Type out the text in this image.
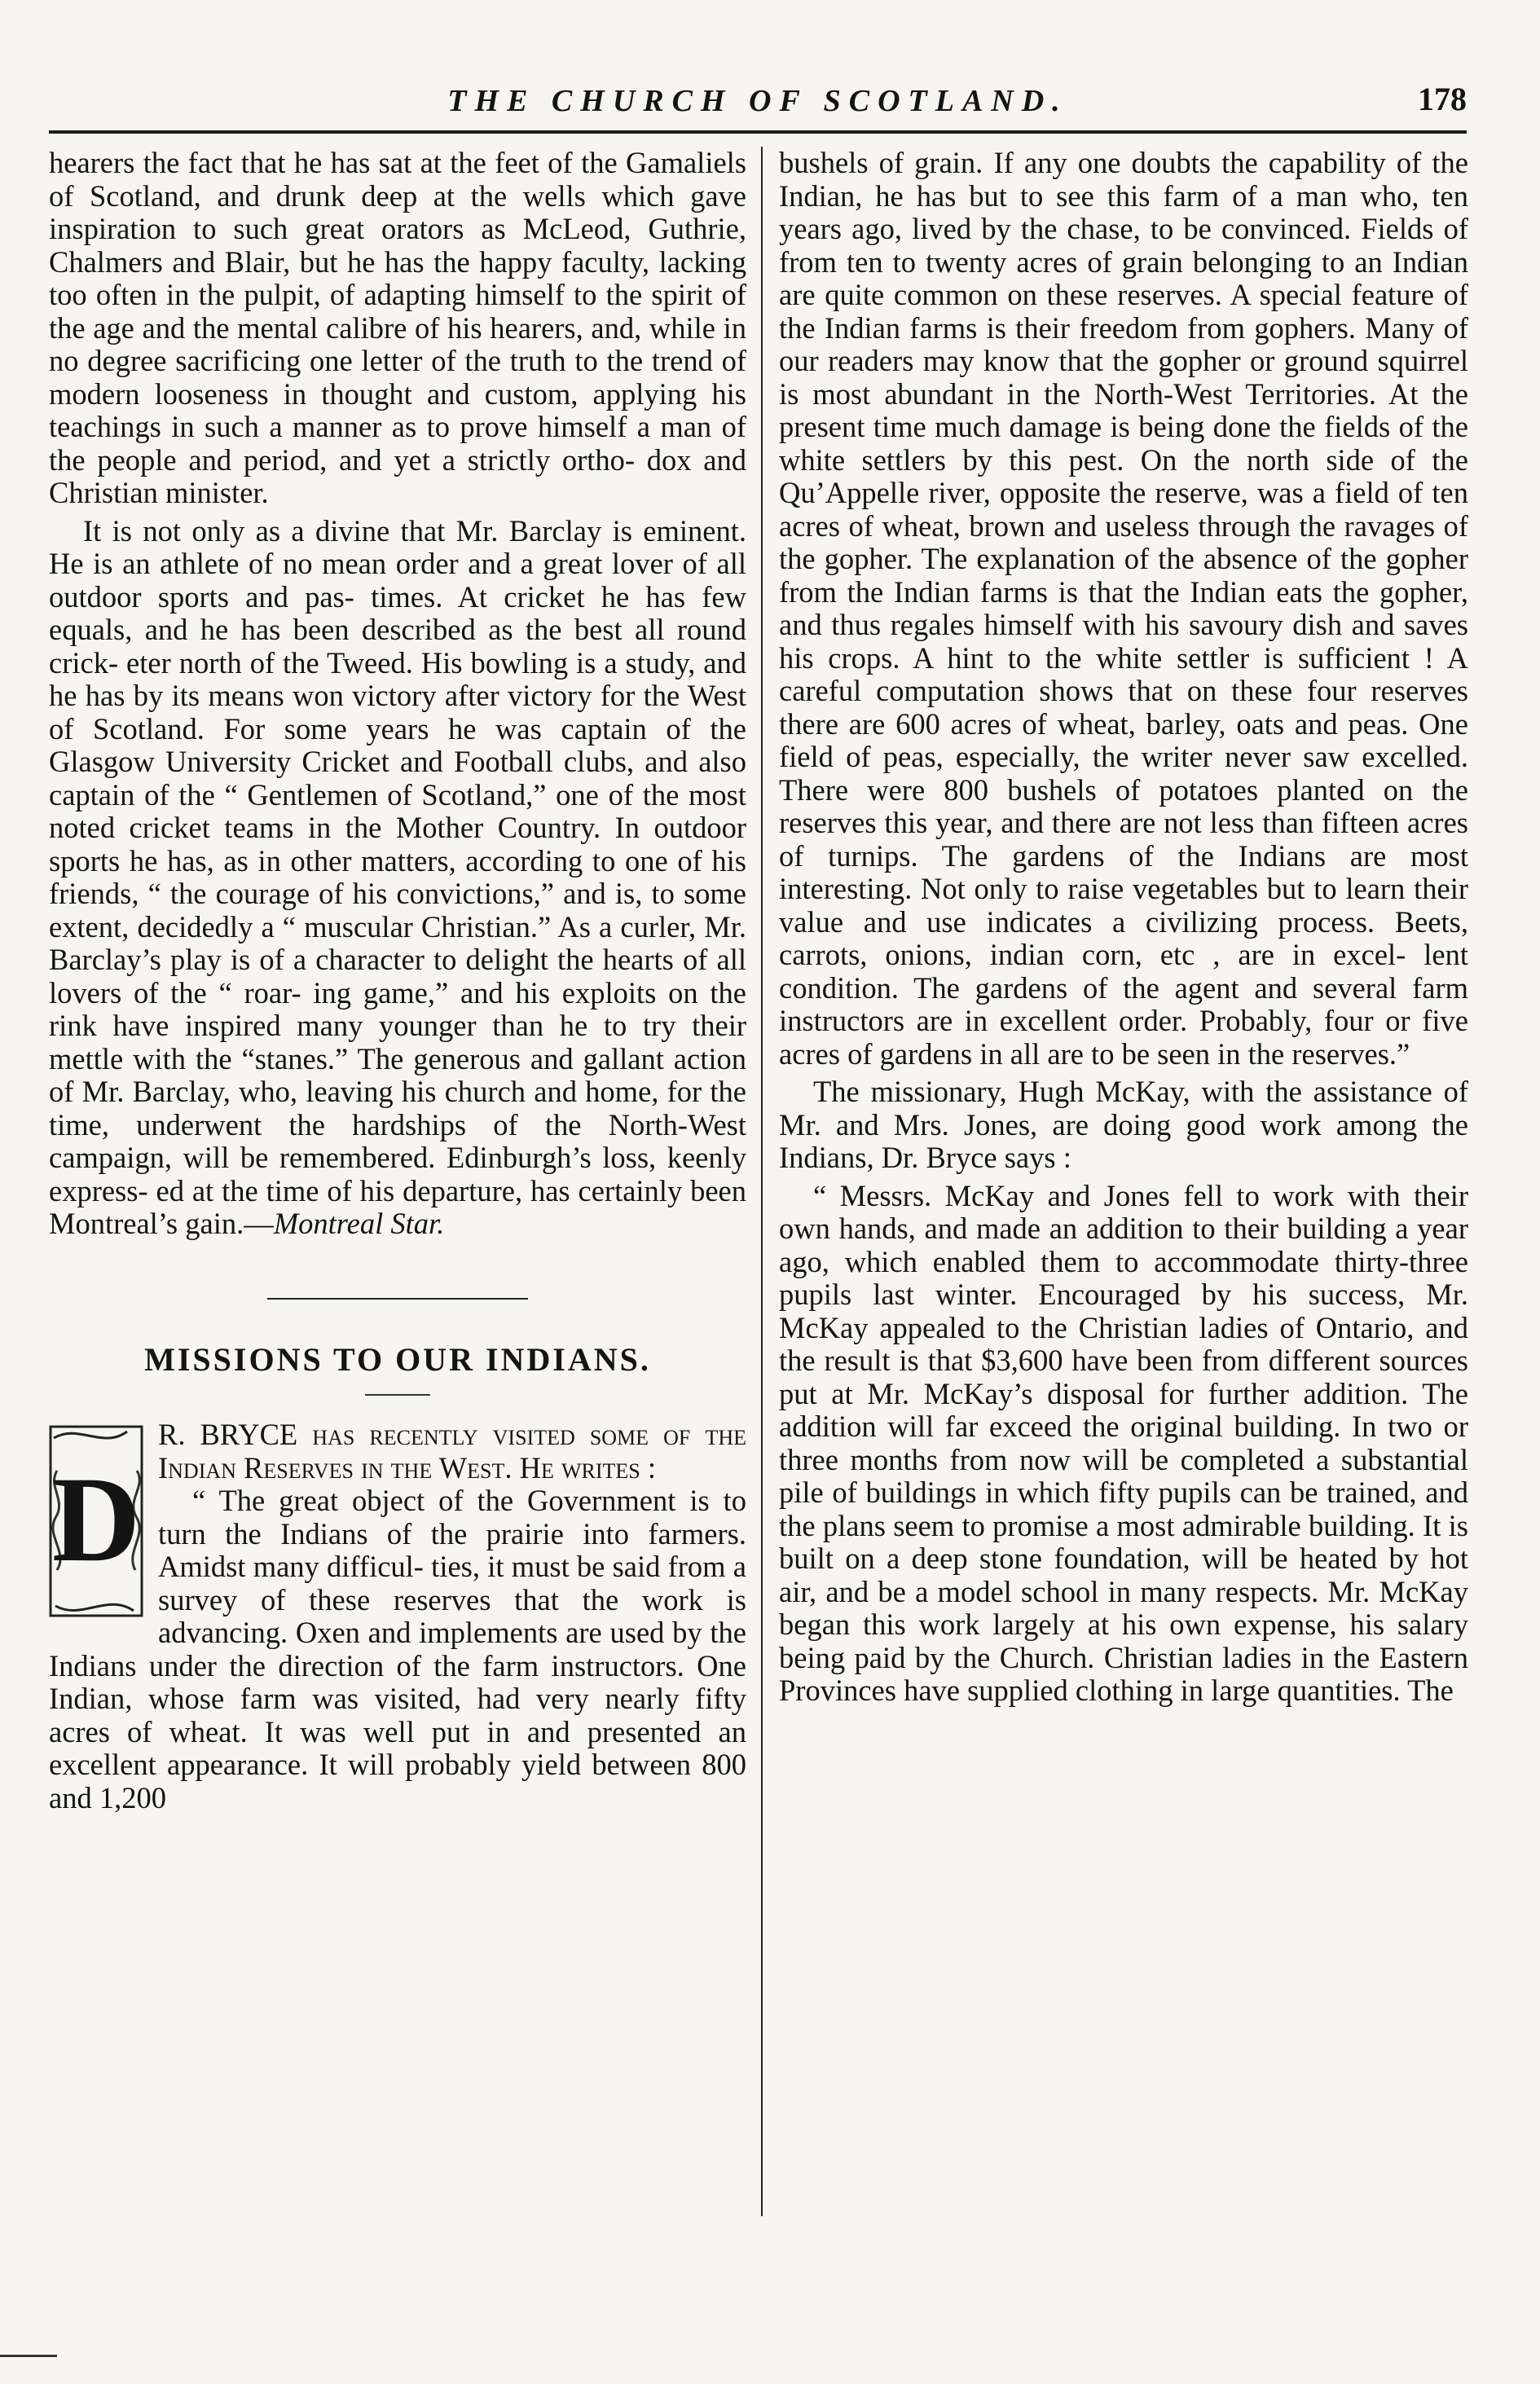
THE CHURCH OF SCOTLAND.	178

hearers the fact that he has sat at the feet of the Gamaliels of Scotland, and drunk deep at the wells which gave inspiration to such great orators as McLeod, Guthrie, Chalmers and Blair, but he has the happy faculty, lacking too often in the pulpit, of adapting himself to the spirit of the age and the mental calibre of his hearers, and, while in no degree sacrificing one letter of the truth to the trend of modern looseness in thought and custom, applying his teachings in such a manner as to prove himself a man of the people and period, and yet a strictly ortho- dox and Christian minister.

It is not only as a divine that Mr. Barclay is eminent. He is an athlete of no mean order and a great lover of all outdoor sports and pas- times. At cricket he has few equals, and he has been described as the best all round crick- eter north of the Tweed. His bowling is a study, and he has by its means won victory after victory for the West of Scotland. For some years he was captain of the Glasgow University Cricket and Football clubs, and also captain of the “ Gentlemen of Scotland,” one of the most noted cricket teams in the Mother Country. In outdoor sports he has, as in other matters, according to one of his friends, “ the courage of his convictions,” and is, to some extent, decidedly a “ muscular Christian.” As a curler, Mr. Barclay’s play is of a character to delight the hearts of all lovers of the “ roar- ing game,” and his exploits on the rink have inspired many younger than he to try their mettle with the “stanes.” The generous and gallant action of Mr. Barclay, who, leaving his church and home, for the time, underwent the hardships of the North-West campaign, will be remembered. Edinburgh’s loss, keenly express- ed at the time of his departure, has certainly been Montreal’s gain.—Montreal Star.

MISSIONS TO OUR INDIANS.
D

R. BRYCE has recently visited some of the Indian Reserves in the West. He writes :

“ The great object of the Government is to turn the Indians of the prairie into farmers. Amidst many difficul- ties, it must be said from a survey of these reserves that the work is advancing. Oxen and implements are used by the Indians under the direction of the farm instructors. One Indian, whose farm was visited, had very nearly fifty acres of wheat. It was well put in and presented an excellent appearance. It will probably yield between 800 and 1,200

bushels of grain. If any one doubts the capability of the Indian, he has but to see this farm of a man who, ten years ago, lived by the chase, to be convinced. Fields of from ten to twenty acres of grain belonging to an Indian are quite common on these reserves. A special feature of the Indian farms is their freedom from gophers. Many of our readers may know that the gopher or ground squirrel is most abundant in the North-West Territories. At the present time much damage is being done the fields of the white settlers by this pest. On the north side of the Qu’Appelle river, opposite the reserve, was a field of ten acres of wheat, brown and useless through the ravages of the gopher. The explanation of the absence of the gopher from the Indian farms is that the Indian eats the gopher, and thus regales himself with his savoury dish and saves his crops. A hint to the white settler is sufficient ! A careful computation shows that on these four reserves there are 600 acres of wheat, barley, oats and peas. One field of peas, especially, the writer never saw excelled. There were 800 bushels of potatoes planted on the reserves this year, and there are not less than fifteen acres of turnips. The gardens of the Indians are most interesting. Not only to raise vegetables but to learn their value and use indicates a civilizing process. Beets, carrots, onions, indian corn, etc , are in excel- lent condition. The gardens of the agent and several farm instructors are in excellent order. Probably, four or five acres of gardens in all are to be seen in the reserves.”

The missionary, Hugh McKay, with the assistance of Mr. and Mrs. Jones, are doing good work among the Indians, Dr. Bryce says :

“ Messrs. McKay and Jones fell to work with their own hands, and made an addition to their building a year ago, which enabled them to accommodate thirty-three pupils last winter. Encouraged by his success, Mr. McKay appealed to the Christian ladies of Ontario, and the result is that $3,600 have been from different sources put at Mr. McKay’s disposal for further addition. The addition will far exceed the original building. In two or three months from now will be completed a substantial pile of buildings in which fifty pupils can be trained, and the plans seem to promise a most admirable building. It is built on a deep stone foundation, will be heated by hot air, and be a model school in many respects. Mr. McKay began this work largely at his own expense, his salary being paid by the Church. Christian ladies in the Eastern Provinces have supplied clothing in large quantities. The
